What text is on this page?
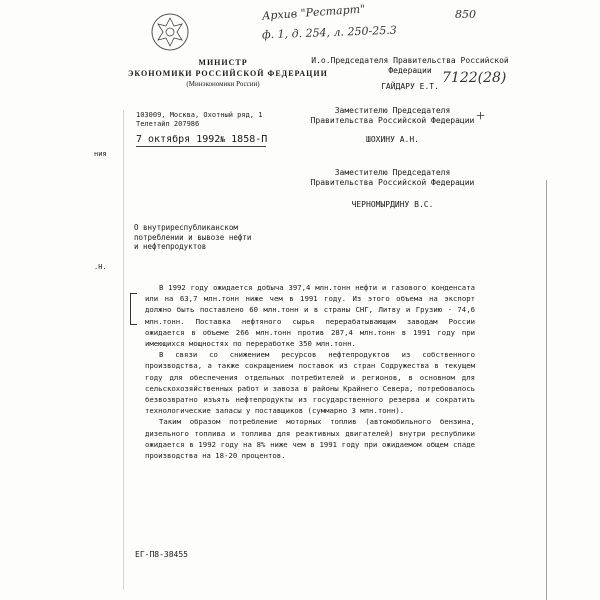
Архив "Рестарт"	850
ф. 1, д. 254, л. 250-25.3
МИНИСТР
ЭКОНОМИКИ РОССИЙСКОЙ ФЕДЕРАЦИИ
(Минэкономики России)
103009, Москва, Охотный ряд, 1
Телетайп 207986
7 октября 1992№ 1858-П
И.о.Председателя Правительства Российской Федерации
ГАЙДАРУ Е.Т.
7122(28)
+
Заместителю Председателя Правительства Российской Федерации
ШОХИНУ А.Н.
Заместителю Председателя Правительства Российской Федерации
ЧЕРНОМЫРДИНУ В.С.
О внутриреспубликанском
потреблении и вывозе нефти
и нефтепродуктов
ния
.Н.

В 1992 году ожидается добыча 397,4 млн.тонн нефти и газового конденсата или на 63,7 млн.тонн ниже чем в 1991 году. Из этого объема на экспорт должно быть поставлено 60 млн.тонн и в страны СНГ, Литву и Грузию - 74,6 млн.тонн. Поставка нефтяного сырья перерабатывающим заводам России ожидается в объеме 266 млн.тонн против 287,4 млн.тонн в 1991 году при имеющихся мощностях по переработке 350 млн.тонн.

В связи со снижением ресурсов нефтепродуктов из собственного производства, а также сокращением поставок из стран Содружества в текущем году для обеспечения отдельных потребителей и регионов, в основном для сельскохозяйственных работ и завоза в районы Крайнего Севера, потребовалось безвозвратно изъять нефтепродукты из государственного резерва и сократить технологические запасы у поставщиков (суммарно 3 млн.тонн).

Таким образом потребление моторных топлив (автомобильного бензина, дизельного топлива и топлива для реактивных двигателей) внутри республики ожидается в 1992 году на 8% ниже чем в 1991 году при ожидаемом общем спаде производства на 18-20 процентов.

ЕГ-П8-38455
